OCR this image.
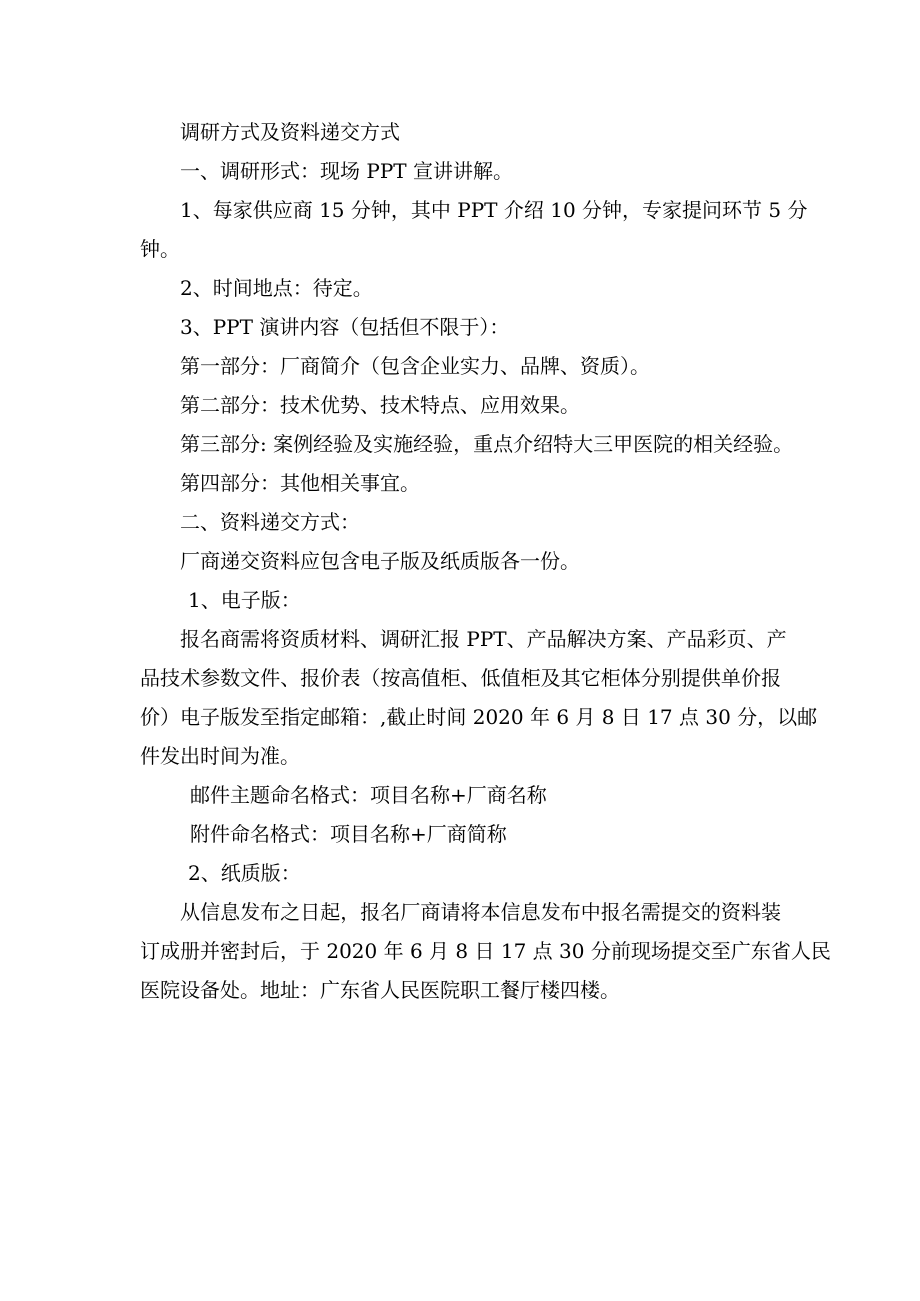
调研方式及资料递交方式
一、调研形式：现场 PPT 宣讲讲解。
1、每家供应商 15 分钟，其中 PPT 介绍 10 分钟，专家提问环节 5 分
钟。
2、时间地点：待定。
3、PPT 演讲内容（包括但不限于）：
第一部分：厂商简介（包含企业实力、品牌、资质）。
第二部分：技术优势、技术特点、应用效果。
第三部分: 案例经验及实施经验，重点介绍特大三甲医院的相关经验。
第四部分：其他相关事宜。
二、资料递交方式：
厂商递交资料应包含电子版及纸质版各一份。
1、电子版：
报名商需将资质材料、调研汇报 PPT、产品解决方案、产品彩页、产
品技术参数文件、报价表（按高值柜、低值柜及其它柜体分别提供单价报
价）电子版发至指定邮箱：,截止时间 2020 年 6 月 8 日 17 点 30 分，以邮
件发出时间为准。
邮件主题命名格式：项目名称+厂商名称
附件命名格式：项目名称+厂商简称
2、纸质版：
从信息发布之日起，报名厂商请将本信息发布中报名需提交的资料装
订成册并密封后，于 2020 年 6 月 8 日 17 点 30 分前现场提交至广东省人民
医院设备处。地址：广东省人民医院职工餐厅楼四楼。
